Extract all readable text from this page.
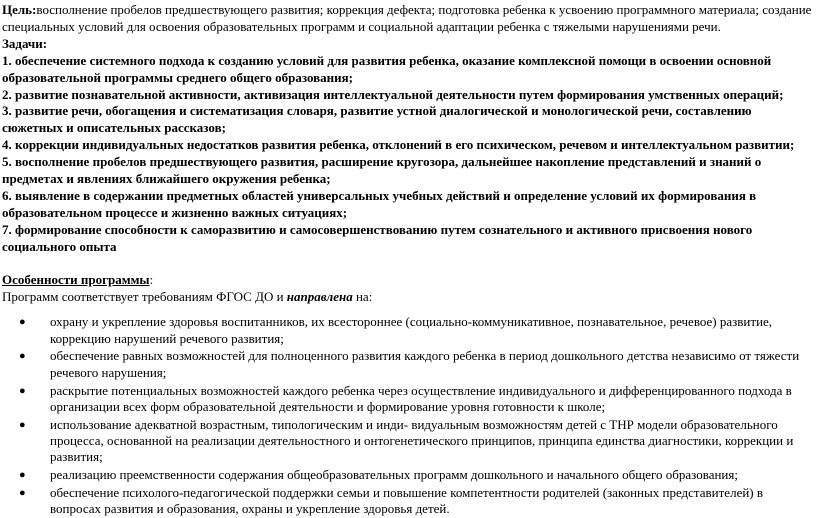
Цель:восполнение пробелов предшествующего развития; коррекция дефекта; подготовка ребенка к усвоению программного материала; создание специальных условий для освоения образовательных программ и социальной адаптации ребенка с тяжелыми нарушениями речи.

Задачи:

1. обеспечение системного подхода к созданию условий для развития ребенка, оказание комплексной помощи в освоении основной образовательной программы среднего общего образования;

2. развитие познавательной активности, активизация интеллектуальной деятельности путем формирования умственных операций;

3. развитие речи, обогащения и систематизация словаря, развитие устной диалогической и монологической речи, составлению сюжетных и описательных рассказов;

4. коррекции индивидуальных недостатков развития ребенка, отклонений в его психическом, речевом и интеллектуальном развитии;

5. восполнение пробелов предшествующего развития, расширение кругозора, дальнейшее накопление представлений и знаний о предметах и явлениях ближайшего окружения ребенка;

6. выявление в содержании предметных областей универсальных учебных действий и определение условий их формирования в образовательном процессе и жизненно важных ситуациях;

7. формирование способности к саморазвитию и самосовершенствованию путем сознательного и активного присвоения нового социального опыта

Особенности программы:

Программ соответствует требованиям ФГОС ДО и направлена на:

● охрану и укрепление здоровья воспитанников, их всестороннее (социально-коммуникативное, познавательное, речевое) развитие, коррекцию нарушений речевого развития;
● обеспечение равных возможностей для полноценного развития каждого ребенка в период дошкольного детства независимо от тяжести речевого нарушения;
● раскрытие потенциальных возможностей каждого ребенка через осуществление индивидуального и дифференцированного подхода в организации всех форм образовательной деятельности и формирование уровня готовности к школе;
● использование адекватной возрастным, типологическим и инди- видуальным возможностям детей с ТНР модели образовательного процесса, основанной на реализации деятельностного и онтогенетического принципов, принципа единства диагностики, коррекции и развития;
● реализацию преемственности содержания общеобразовательных программ дошкольного и начального общего образования;
● обеспечение психолого-педагогической поддержки семьи и повышение компетентности родителей (законных представителей) в вопросах развития и образования, охраны и укрепление здоровья детей.
